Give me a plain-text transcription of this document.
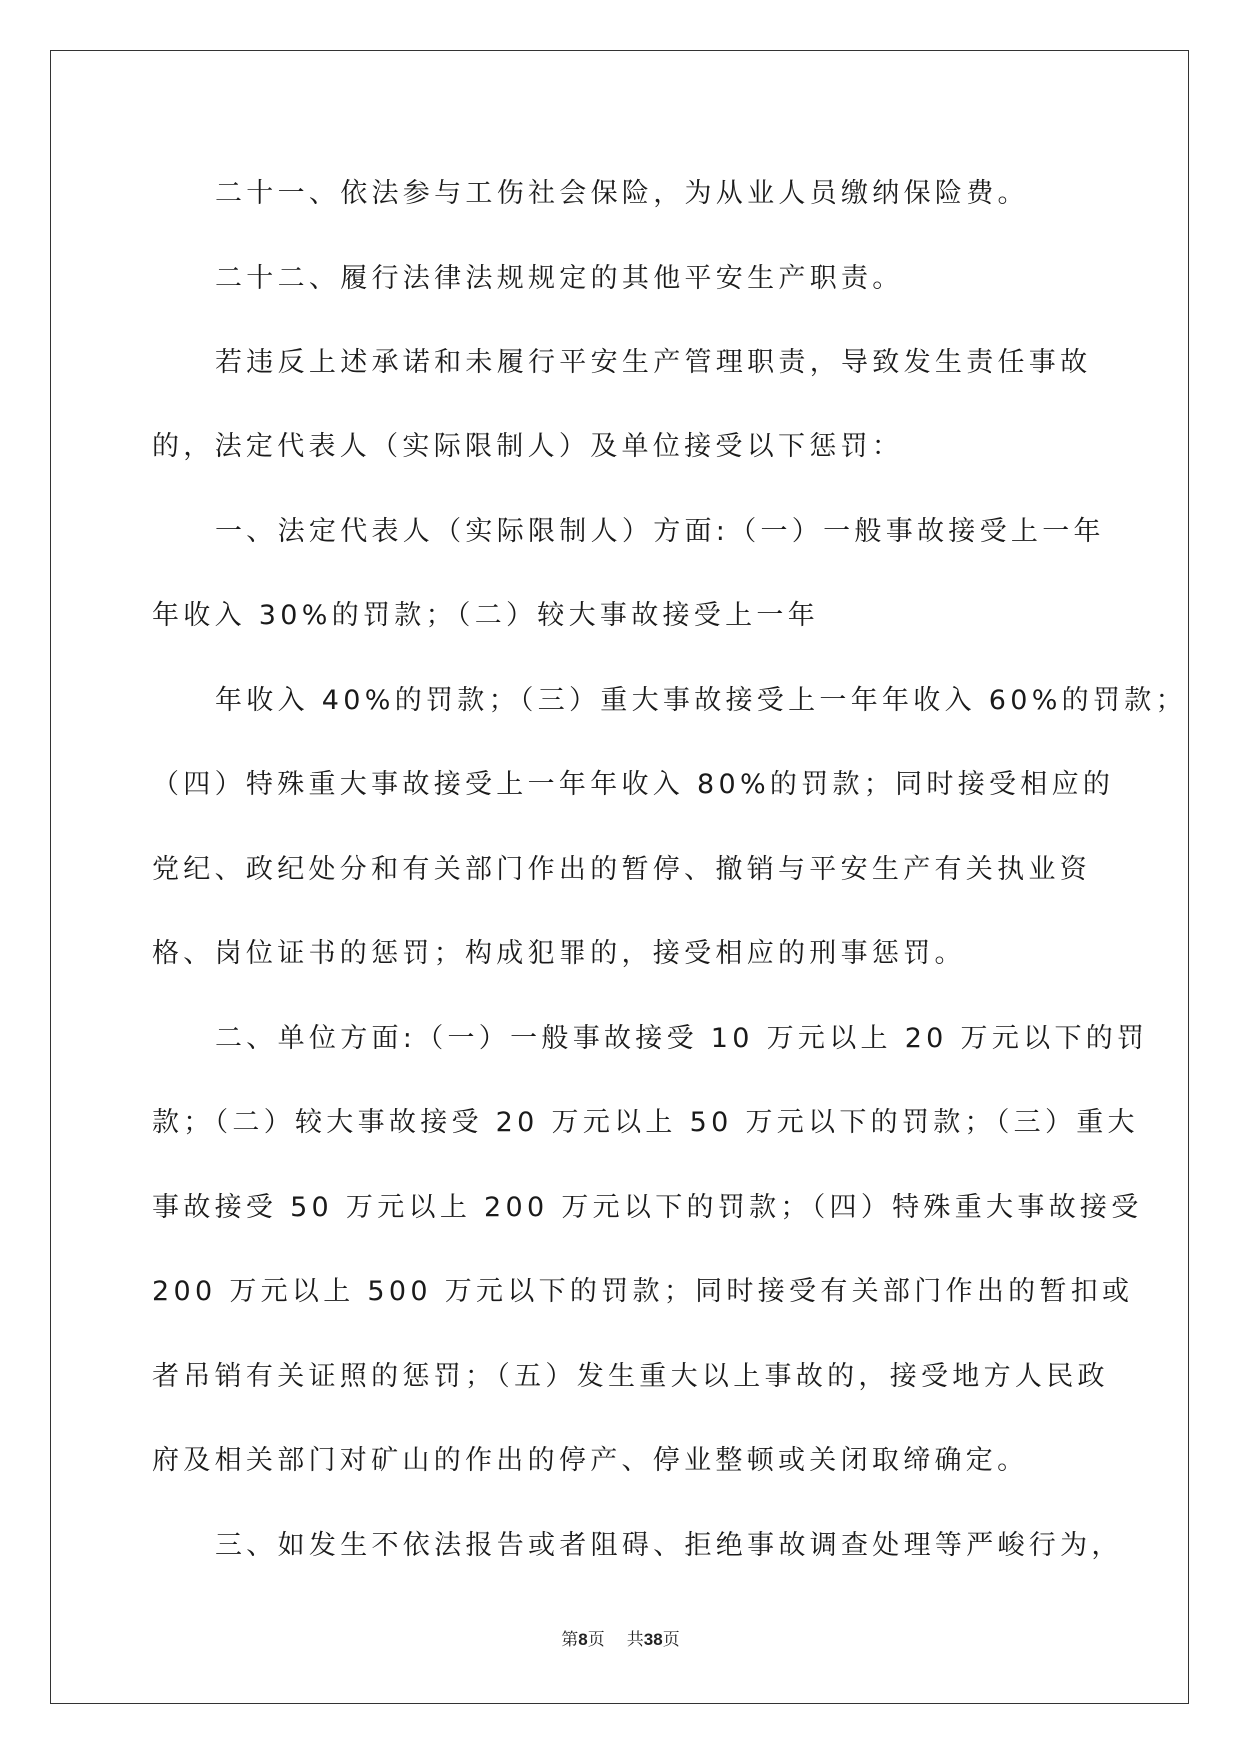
二十一、依法参与工伤社会保险，为从业人员缴纳保险费。
二十二、履行法律法规规定的其他平安生产职责。
若违反上述承诺和未履行平安生产管理职责，导致发生责任事故
的，法定代表人（实际限制人）及单位接受以下惩罚：
一、法定代表人（实际限制人）方面:（一）一般事故接受上一年
年收入 30%的罚款；（二）较大事故接受上一年
年收入 40%的罚款；（三）重大事故接受上一年年收入 60%的罚款；
（四）特殊重大事故接受上一年年收入 80%的罚款；同时接受相应的
党纪、政纪处分和有关部门作出的暂停、撤销与平安生产有关执业资
格、岗位证书的惩罚；构成犯罪的，接受相应的刑事惩罚。
二、单位方面:（一）一般事故接受 10 万元以上 20 万元以下的罚
款；（二）较大事故接受 20 万元以上 50 万元以下的罚款；（三）重大
事故接受 50 万元以上 200 万元以下的罚款；（四）特殊重大事故接受
200 万元以上 500 万元以下的罚款；同时接受有关部门作出的暂扣或
者吊销有关证照的惩罚；（五）发生重大以上事故的，接受地方人民政
府及相关部门对矿山的作出的停产、停业整顿或关闭取缔确定。
三、如发生不依法报告或者阻碍、拒绝事故调查处理等严峻行为，
第8页 共38页
